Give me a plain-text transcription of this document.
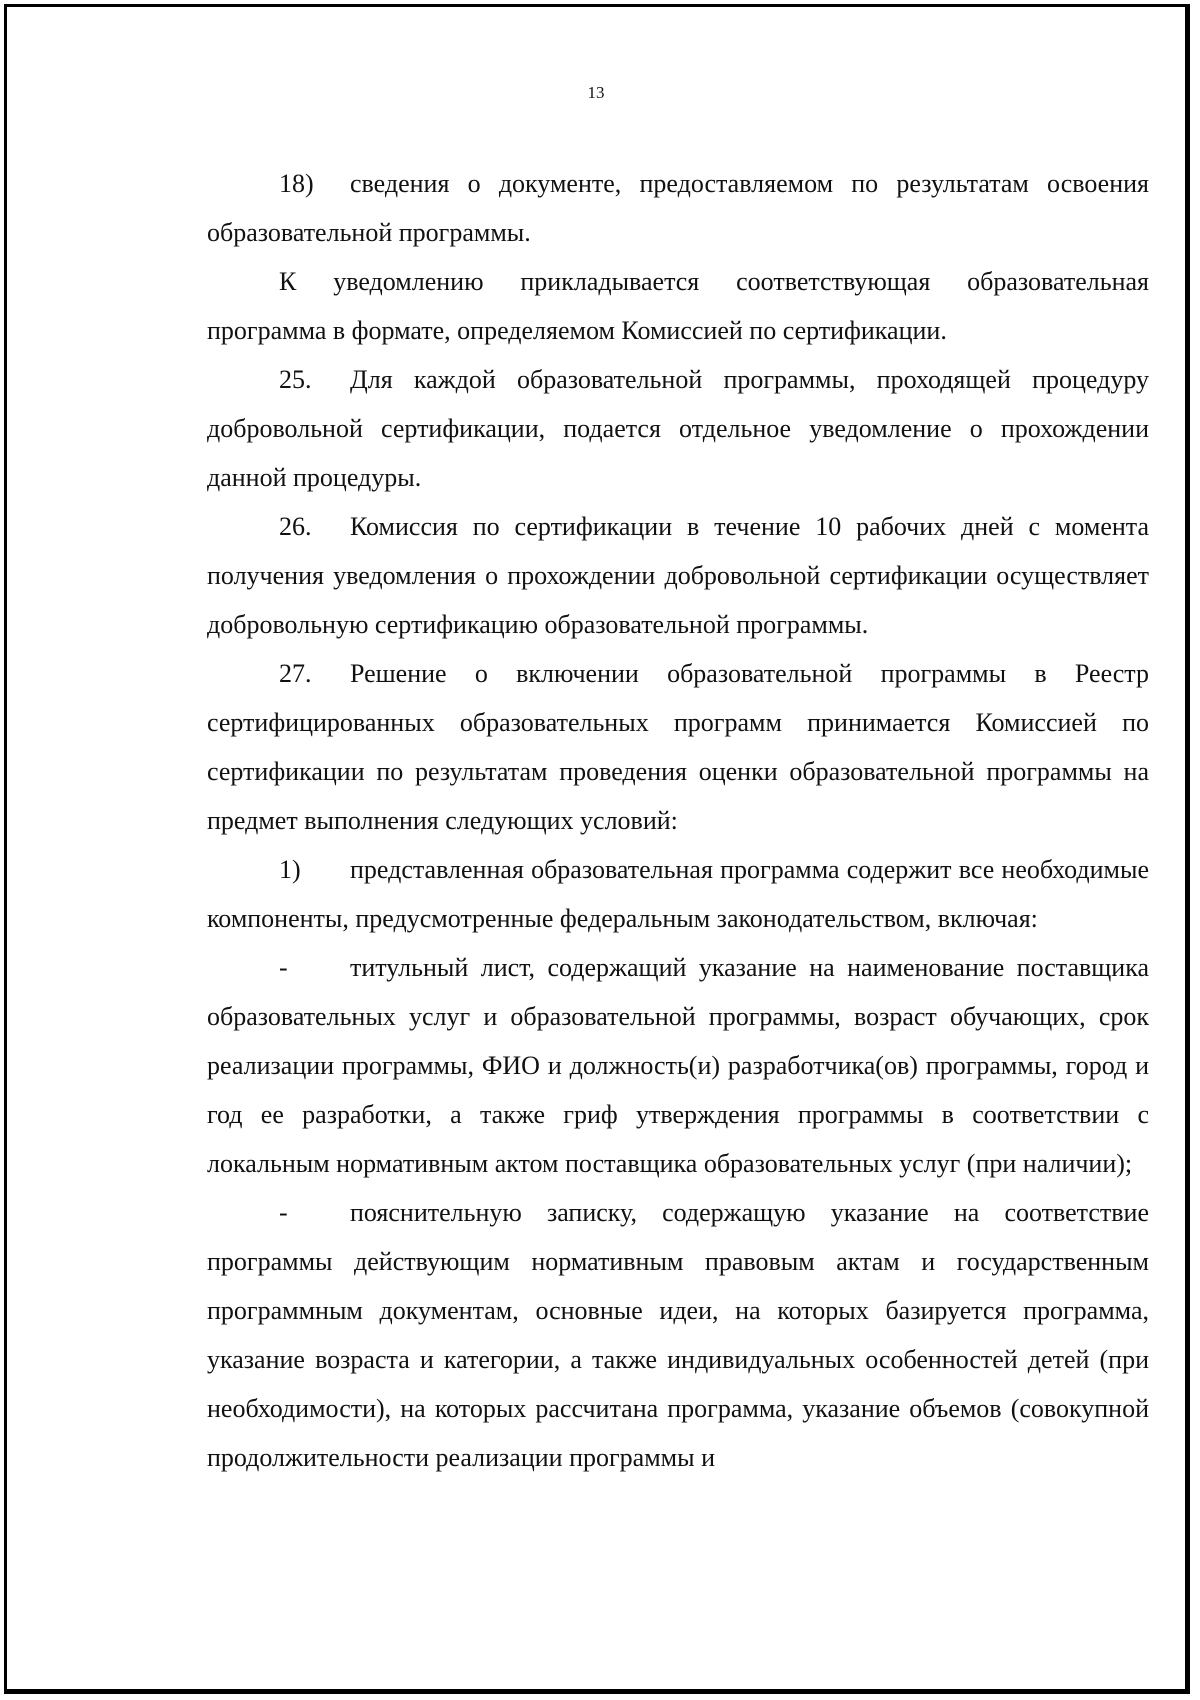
13

18) сведения о документе, предоставляемом по результатам освоения образовательной программы.

К уведомлению прикладывается соответствующая образовательная программа в формате, определяемом Комиссией по сертификации.

25. Для каждой образовательной программы, проходящей процедуру добровольной сертификации, подается отдельное уведомление о прохождении данной процедуры.

26. Комиссия по сертификации в течение 10 рабочих дней с момента получения уведомления о прохождении добровольной сертификации осуществляет добровольную сертификацию образовательной программы.

27. Решение о включении образовательной программы в Реестр сертифицированных образовательных программ принимается Комиссией по сертификации по результатам проведения оценки образовательной программы на предмет выполнения следующих условий:

1) представленная образовательная программа содержит все необходимые компоненты, предусмотренные федеральным законодательством, включая:

- титульный лист, содержащий указание на наименование поставщика образовательных услуг и образовательной программы, возраст обучающих, срок реализации программы, ФИО и должность(и) разработчика(ов) программы, город и год ее разработки, а также гриф утверждения программы в соответствии с локальным нормативным актом поставщика образовательных услуг (при наличии);

- пояснительную записку, содержащую указание на соответствие программы действующим нормативным правовым актам и государственным программным документам, основные идеи, на которых базируется программа, указание возраста и категории, а также индивидуальных особенностей детей (при необходимости), на которых рассчитана программа, указание объемов (совокупной продолжительности реализации программы и
